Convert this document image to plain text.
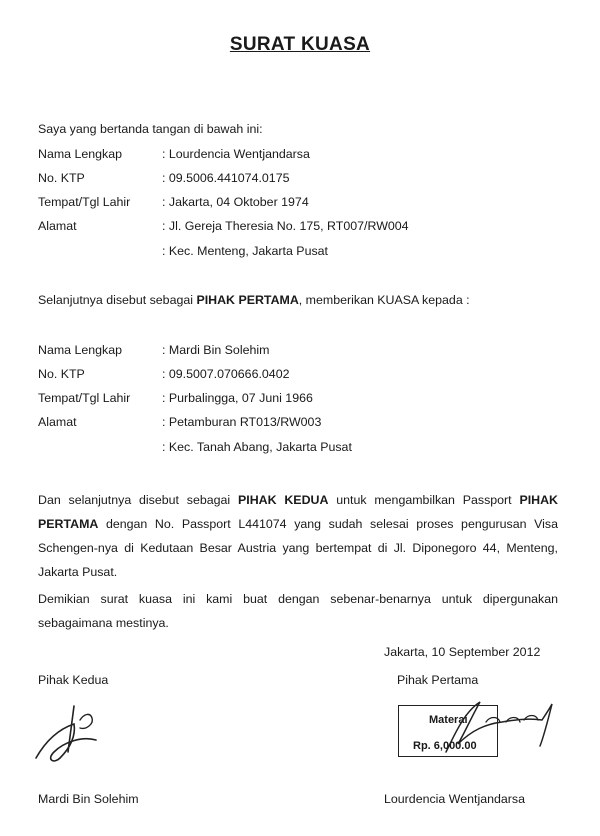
SURAT KUASA
Saya yang bertanda tangan di bawah ini:
Nama Lengkap	: Lourdencia Wentjandarsa
No. KTP	: 09.5006.441074.0175
Tempat/Tgl Lahir	: Jakarta, 04 Oktober 1974
Alamat	: Jl. Gereja Theresia No. 175, RT007/RW004
: Kec. Menteng, Jakarta Pusat
Selanjutnya disebut sebagai PIHAK PERTAMA, memberikan KUASA kepada :
Nama Lengkap	: Mardi Bin Solehim
No. KTP	: 09.5007.070666.0402
Tempat/Tgl Lahir	: Purbalingga, 07 Juni 1966
Alamat	: Petamburan RT013/RW003
: Kec. Tanah Abang, Jakarta Pusat
Dan selanjutnya disebut sebagai PIHAK KEDUA untuk mengambilkan Passport PIHAK PERTAMA dengan No. Passport L441074 yang sudah selesai proses pengurusan Visa Schengen-nya di Kedutaan Besar Austria yang bertempat di Jl. Diponegoro 44, Menteng, Jakarta Pusat.
Demikian surat kuasa ini kami buat dengan sebenar-benarnya untuk dipergunakan sebagaimana mestinya.
Jakarta, 10 September 2012
Pihak Kedua	Pihak Pertama
Materai
Rp. 6,000.00
Mardi Bin Solehim	Lourdencia Wentjandarsa
